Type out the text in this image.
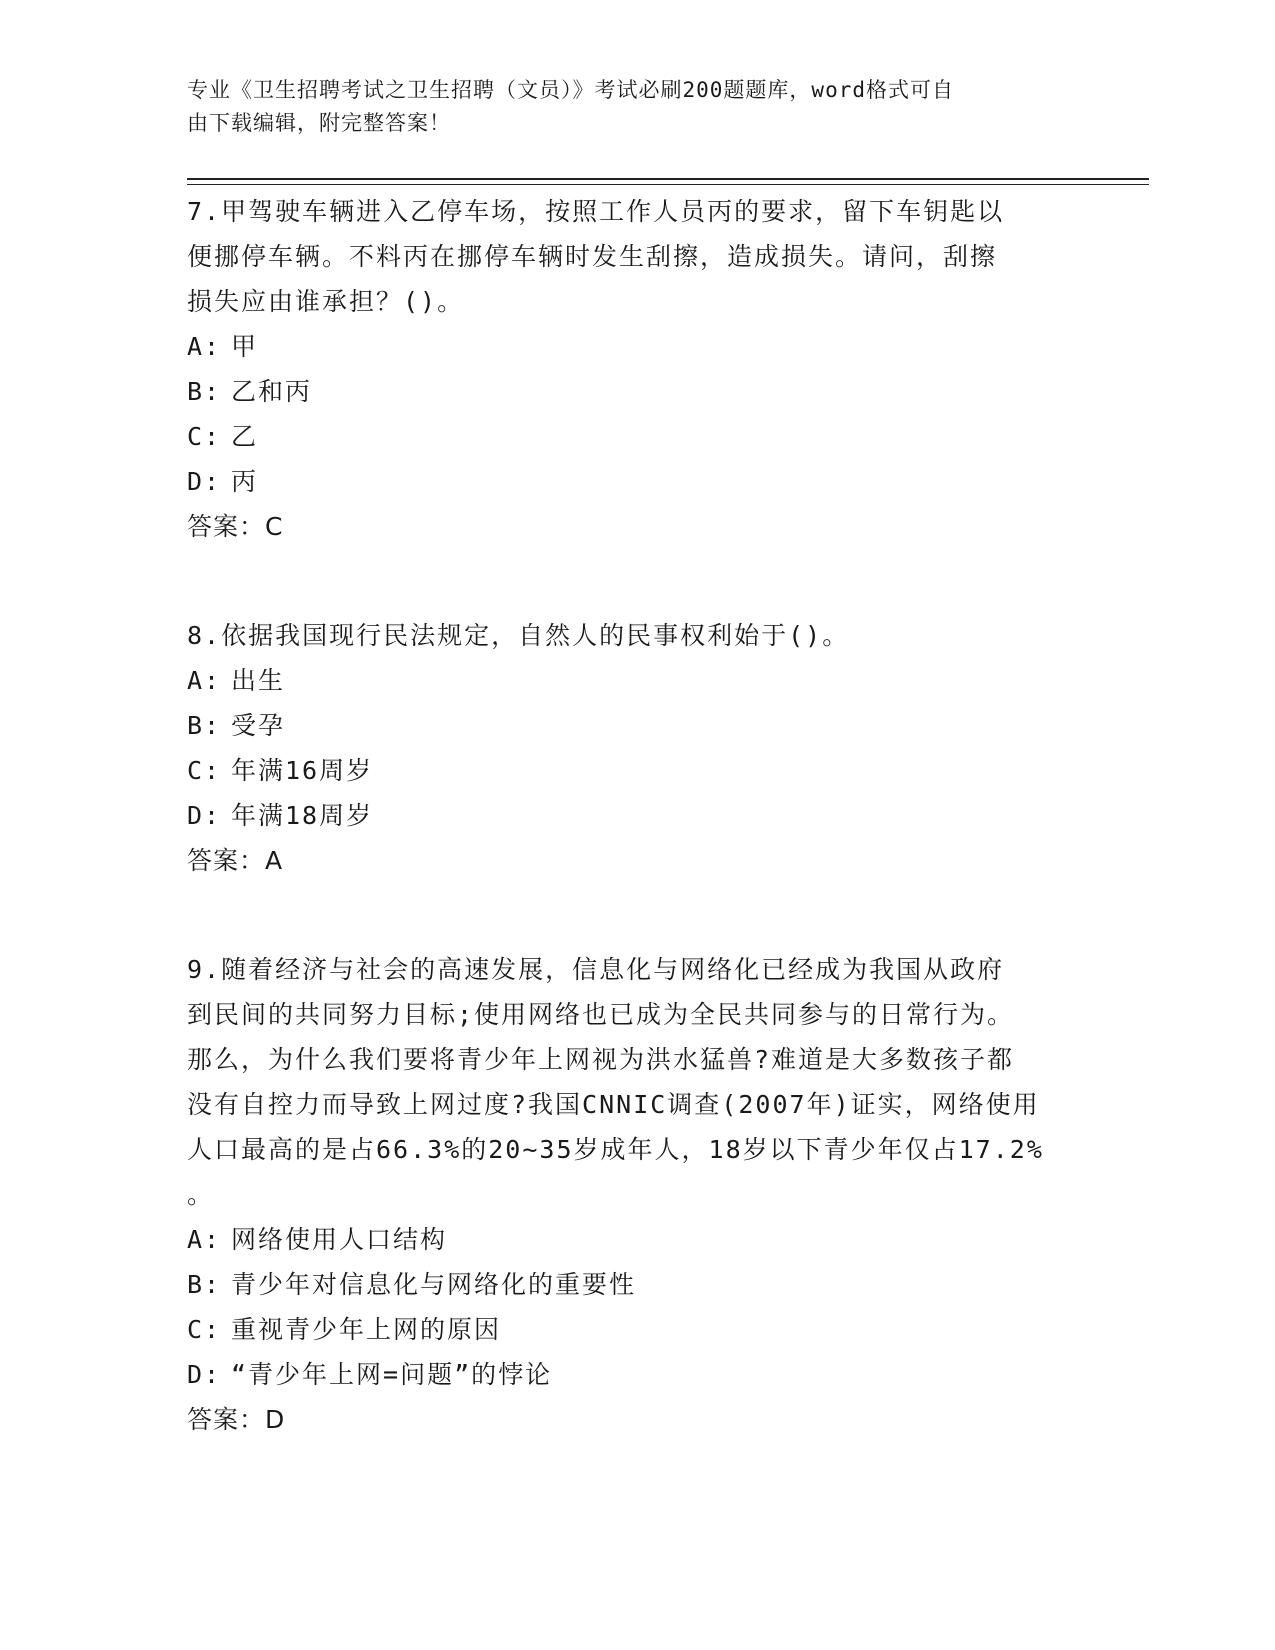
专业《卫生招聘考试之卫生招聘（文员）》考试必刷200题题库，word格式可自
由下载编辑，附完整答案！
7.甲驾驶车辆进入乙停车场，按照工作人员丙的要求，留下车钥匙以
便挪停车辆。不料丙在挪停车辆时发生刮擦，造成损失。请问，刮擦
损失应由谁承担？()。
A: 甲
B: 乙和丙
C: 乙
D: 丙
答案：C
8.依据我国现行民法规定，自然人的民事权利始于()。
A: 出生
B: 受孕
C: 年满16周岁
D: 年满18周岁
答案：A
9.随着经济与社会的高速发展，信息化与网络化已经成为我国从政府
到民间的共同努力目标;使用网络也已成为全民共同参与的日常行为。
那么，为什么我们要将青少年上网视为洪水猛兽?难道是大多数孩子都
没有自控力而导致上网过度?我国CNNIC调查(2007年)证实，网络使用
人口最高的是占66.3%的20~35岁成年人，18岁以下青少年仅占17.2%
。
A: 网络使用人口结构
B: 青少年对信息化与网络化的重要性
C: 重视青少年上网的原因
D: “青少年上网=问题”的悖论
答案：D
